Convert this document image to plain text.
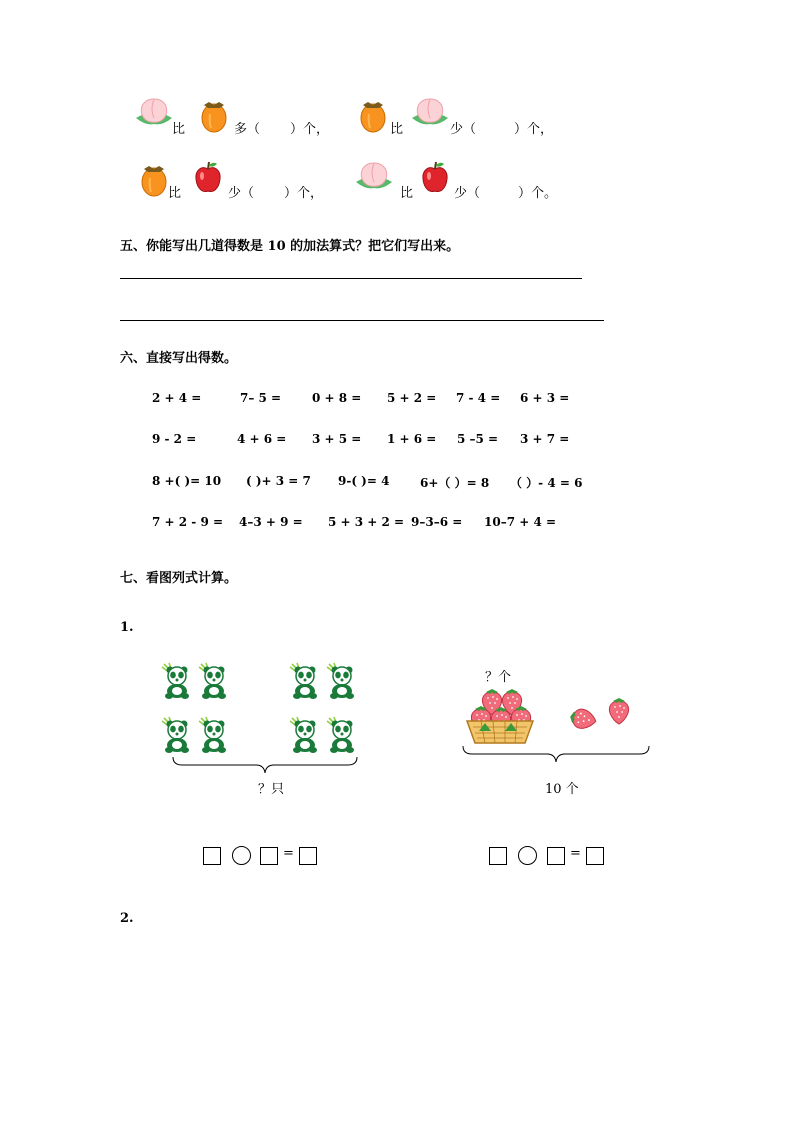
比	多（ ）个，	比	少（	）个，
比	少（ ）个，	比	少（	）个。
五、你能写出几道得数是 10 的加法算式？把它们写出来。
六、直接写出得数。
2 + 4 =	7– 5 =	0 + 8 = 5 + 2 = 7 - 4 = 6 + 3 =
9 - 2 =	4 + 6 = 3 + 5 = 1 + 6 = 5 –5 = 3 + 7 =
8 +( )= 10 ( )+ 3 = 7 9-( )= 4	6+（ ）= 8 （ ）- 4 = 6
7 + 2 - 9 = 4–3 + 9 = 5 + 3 + 2 = 9–3–6 = 10–7 + 4 =
七、看图列式计算。
1.
？只
？个
10 个
=	=
2.
